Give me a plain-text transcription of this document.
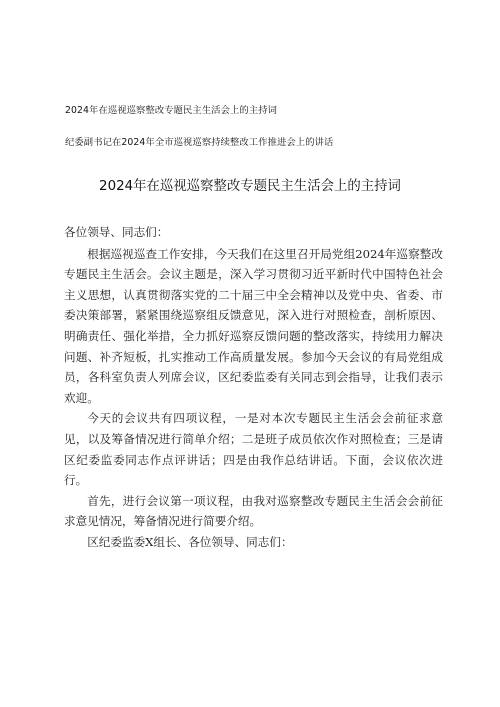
2024年在巡视巡察整改专题民主生活会上的主持词
纪委副书记在2024年全市巡视巡察持续整改工作推进会上的讲话
2024年在巡视巡察整改专题民主生活会上的主持词

各位领导、同志们：

根据巡视巡查工作安排，今天我们在这里召开局党组2024年巡察整改专题民主生活会。会议主题是，深入学习贯彻习近平新时代中国特色社会主义思想，认真贯彻落实党的二十届三中全会精神以及党中央、省委、市委决策部署，紧紧围绕巡察组反馈意见，深入进行对照检查，剖析原因、明确责任、强化举措，全力抓好巡察反馈问题的整改落实，持续用力解决问题、补齐短板，扎实推动工作高质量发展。参加今天会议的有局党组成员，各科室负责人列席会议，区纪委监委有关同志到会指导，让我们表示欢迎。

今天的会议共有四项议程，一是对本次专题民主生活会会前征求意见，以及筹备情况进行简单介绍；二是班子成员依次作对照检查；三是请区纪委监委同志作点评讲话；四是由我作总结讲话。下面，会议依次进行。

首先，进行会议第一项议程，由我对巡察整改专题民主生活会会前征求意见情况，筹备情况进行简要介绍。

区纪委监委X组长、各位领导、同志们：
